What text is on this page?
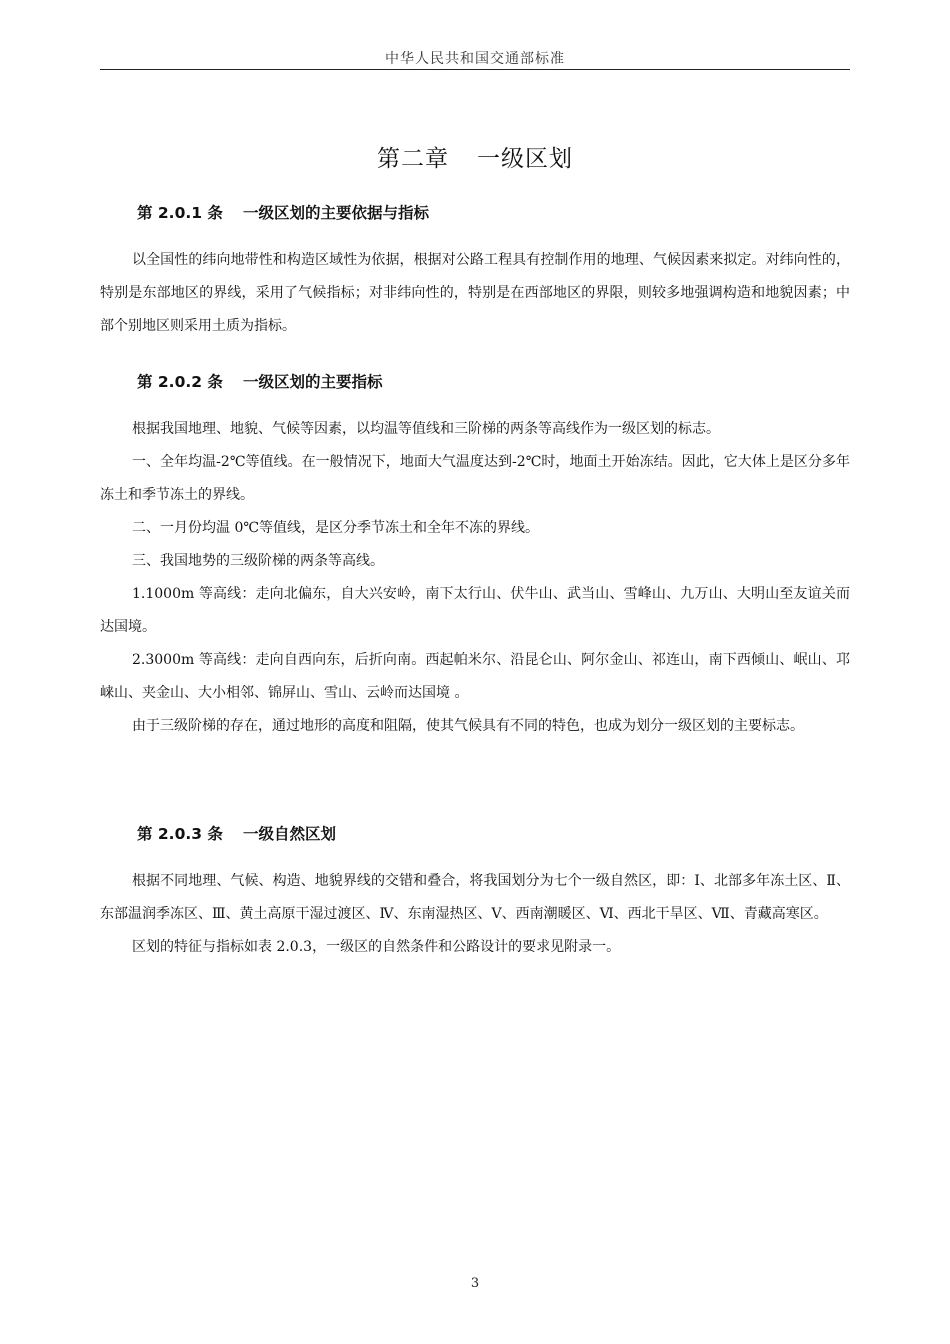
中华人民共和国交通部标准
第二章 一级区划
第 2.0.1 条 一级区划的主要依据与指标

以全国性的纬向地带性和构造区域性为依据，根据对公路工程具有控制作用的地理、气候因素来拟定。对纬向性的，特别是东部地区的界线，采用了气候指标；对非纬向性的，特别是在西部地区的界限，则较多地强调构造和地貌因素；中部个别地区则采用土质为指标。

第 2.0.2 条 一级区划的主要指标

根据我国地理、地貌、气候等因素，以均温等值线和三阶梯的两条等高线作为一级区划的标志。

一、全年均温-2℃等值线。在一般情况下，地面大气温度达到-2℃时，地面土开始冻结。因此，它大体上是区分多年冻土和季节冻土的界线。

二、一月份均温 0℃等值线，是区分季节冻土和全年不冻的界线。

三、我国地势的三级阶梯的两条等高线。

1.1000m 等高线：走向北偏东，自大兴安岭，南下太行山、伏牛山、武当山、雪峰山、九万山、大明山至友谊关而达国境。

2.3000m 等高线：走向自西向东，后折向南。西起帕米尔、沿昆仑山、阿尔金山、祁连山，南下西倾山、岷山、邛崃山、夹金山、大小相邻、锦屏山、雪山、云岭而达国境 。

由于三级阶梯的存在，通过地形的高度和阻隔，使其气候具有不同的特色，也成为划分一级区划的主要标志。

第 2.0.3 条 一级自然区划

根据不同地理、气候、构造、地貌界线的交错和叠合，将我国划分为七个一级自然区，即：Ⅰ、北部多年冻土区、Ⅱ、东部温润季冻区、Ⅲ、黄土高原干湿过渡区、Ⅳ、东南湿热区、Ⅴ、西南潮暖区、Ⅵ、西北干旱区、Ⅶ、青藏高寒区。

区划的特征与指标如表 2.0.3，一级区的自然条件和公路设计的要求见附录一。

3
